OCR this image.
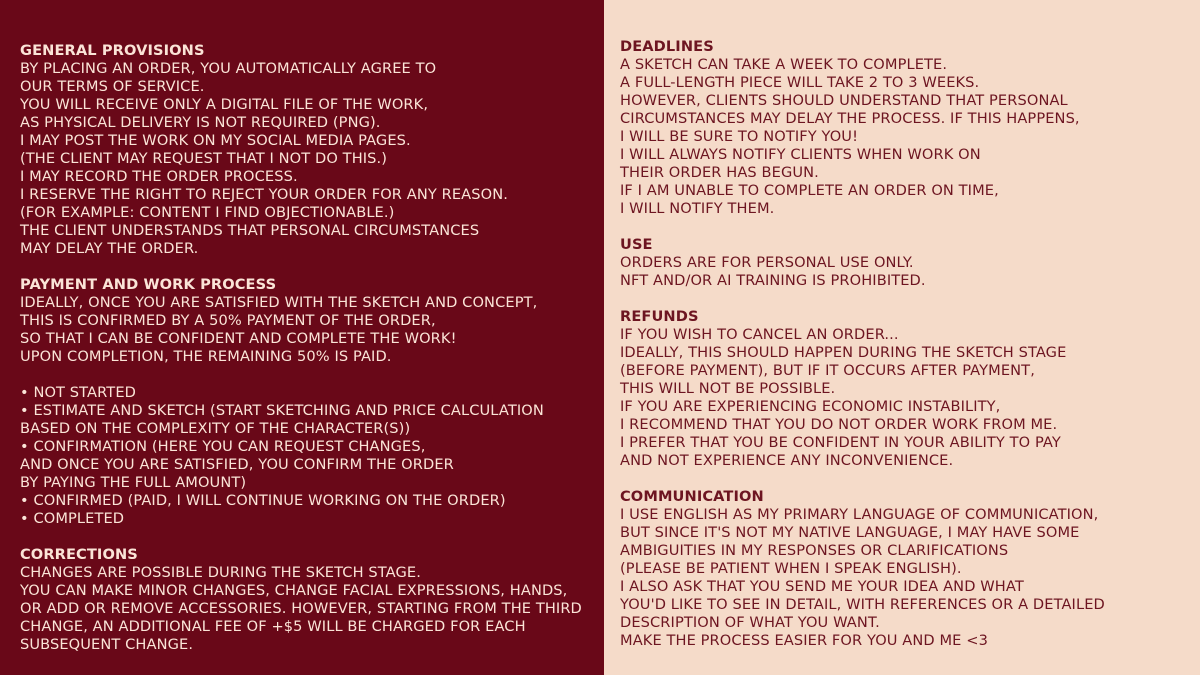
GENERAL PROVISIONS
BY PLACING AN ORDER, YOU AUTOMATICALLY AGREE TO
OUR TERMS OF SERVICE.
YOU WILL RECEIVE ONLY A DIGITAL FILE OF THE WORK,
AS PHYSICAL DELIVERY IS NOT REQUIRED (PNG).
I MAY POST THE WORK ON MY SOCIAL MEDIA PAGES.
(THE CLIENT MAY REQUEST THAT I NOT DO THIS.)
I MAY RECORD THE ORDER PROCESS.
I RESERVE THE RIGHT TO REJECT YOUR ORDER FOR ANY REASON.
(FOR EXAMPLE: CONTENT I FIND OBJECTIONABLE.)
THE CLIENT UNDERSTANDS THAT PERSONAL CIRCUMSTANCES
MAY DELAY THE ORDER.
PAYMENT AND WORK PROCESS
IDEALLY, ONCE YOU ARE SATISFIED WITH THE SKETCH AND CONCEPT,
THIS IS CONFIRMED BY A 50% PAYMENT OF THE ORDER,
SO THAT I CAN BE CONFIDENT AND COMPLETE THE WORK!
UPON COMPLETION, THE REMAINING 50% IS PAID.
• NOT STARTED
• ESTIMATE AND SKETCH (START SKETCHING AND PRICE CALCULATION
BASED ON THE COMPLEXITY OF THE CHARACTER(S))
• CONFIRMATION (HERE YOU CAN REQUEST CHANGES,
AND ONCE YOU ARE SATISFIED, YOU CONFIRM THE ORDER
BY PAYING THE FULL AMOUNT)
• CONFIRMED (PAID, I WILL CONTINUE WORKING ON THE ORDER)
• COMPLETED
CORRECTIONS
CHANGES ARE POSSIBLE DURING THE SKETCH STAGE.
YOU CAN MAKE MINOR CHANGES, CHANGE FACIAL EXPRESSIONS, HANDS,
OR ADD OR REMOVE ACCESSORIES. HOWEVER, STARTING FROM THE THIRD
CHANGE, AN ADDITIONAL FEE OF +$5 WILL BE CHARGED FOR EACH
SUBSEQUENT CHANGE.
DEADLINES
A SKETCH CAN TAKE A WEEK TO COMPLETE.
A FULL-LENGTH PIECE WILL TAKE 2 TO 3 WEEKS.
HOWEVER, CLIENTS SHOULD UNDERSTAND THAT PERSONAL
CIRCUMSTANCES MAY DELAY THE PROCESS. IF THIS HAPPENS,
I WILL BE SURE TO NOTIFY YOU!
I WILL ALWAYS NOTIFY CLIENTS WHEN WORK ON
THEIR ORDER HAS BEGUN.
IF I AM UNABLE TO COMPLETE AN ORDER ON TIME,
I WILL NOTIFY THEM.
USE
ORDERS ARE FOR PERSONAL USE ONLY.
NFT AND/OR AI TRAINING IS PROHIBITED.
REFUNDS
IF YOU WISH TO CANCEL AN ORDER...
IDEALLY, THIS SHOULD HAPPEN DURING THE SKETCH STAGE
(BEFORE PAYMENT), BUT IF IT OCCURS AFTER PAYMENT,
THIS WILL NOT BE POSSIBLE.
IF YOU ARE EXPERIENCING ECONOMIC INSTABILITY,
I RECOMMEND THAT YOU DO NOT ORDER WORK FROM ME.
I PREFER THAT YOU BE CONFIDENT IN YOUR ABILITY TO PAY
AND NOT EXPERIENCE ANY INCONVENIENCE.
COMMUNICATION
I USE ENGLISH AS MY PRIMARY LANGUAGE OF COMMUNICATION,
BUT SINCE IT'S NOT MY NATIVE LANGUAGE, I MAY HAVE SOME
AMBIGUITIES IN MY RESPONSES OR CLARIFICATIONS
(PLEASE BE PATIENT WHEN I SPEAK ENGLISH).
I ALSO ASK THAT YOU SEND ME YOUR IDEA AND WHAT
YOU'D LIKE TO SEE IN DETAIL, WITH REFERENCES OR A DETAILED
DESCRIPTION OF WHAT YOU WANT.
MAKE THE PROCESS EASIER FOR YOU AND ME <3
